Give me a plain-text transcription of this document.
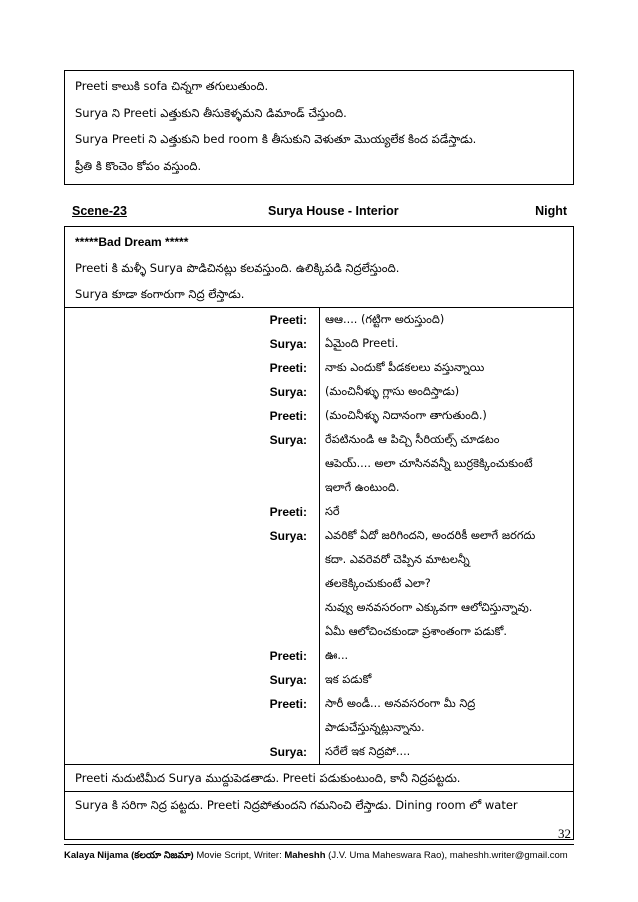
Preeti కాలుకి sofa చిన్నగా తగులుతుంది.
Surya ని Preeti ఎత్తుకుని తీసుకెళ్ళమని డిమాండ్ చేస్తుంది.
Surya Preeti ని ఎత్తుకుని bed room కి తీసుకుని వెళుతూ మొయ్యలేక కింద పడేస్తాడు.
ప్రీతి కి కొంచెం కోపం వస్తుంది.
Scene-23	Surya House - Interior	Night
*****Bad Dream *****
Preeti కి మళ్ళీ Surya పొడిచినట్లు కలవస్తుంది. ఉలిక్కిపడి నిద్రలేస్తుంది.
Surya కూడా కంగారుగా నిద్ర లేస్తాడు.
Preeti:	ఆఆ.... (గట్టిగా అరుస్తుంది)
Surya:	ఏమైంది Preeti.
Preeti:	నాకు ఎందుకో పీడకలలు వస్తున్నాయి
Surya:	(మంచినీళ్ళు గ్లాసు అందిస్తాడు)
Preeti:	(మంచినీళ్ళు నిదానంగా తాగుతుంది.)
Surya:	రేపటినుండి ఆ పిచ్చి సీరియల్స్ చూడటం
ఆపెయ్.... అలా చూసినవన్నీ బుర్రకెక్కించుకుంటే
ఇలాగే ఉంటుంది.
Preeti:	సరే
Surya:	ఎవరికో ఏదో జరిగిందని, అందరికీ అలాగే జరగదు
కదా. ఎవరెవరో చెప్పిన మాటలన్నీ
తలకెక్కించుకుంటే ఎలా?
నువ్వు అనవసరంగా ఎక్కువగా ఆలోచిస్తున్నావు.
ఏమీ ఆలోచించకుండా ప్రశాంతంగా పడుకో.
Preeti:	ఊ...
Surya:	ఇక పడుకో
Preeti:	సారీ అండీ... అనవసరంగా మీ నిద్ర
పాడుచేస్తున్నట్లున్నాను.
Surya:	సరేలే ఇక నిద్రపో....
Preeti నుదుటిమీద Surya ముద్దుపెడతాడు. Preeti పడుకుంటుంది, కానీ నిద్రపట్టదు.
Surya కి సరిగా నిద్ర పట్టదు. Preeti నిద్రపోతుందని గమనించి లేస్తాడు. Dining room లో water
32
Kalaya Nijama (కలయా నిజమా) Movie Script, Writer: Maheshh (J.V. Uma Maheswara Rao), maheshh.writer@gmail.com
